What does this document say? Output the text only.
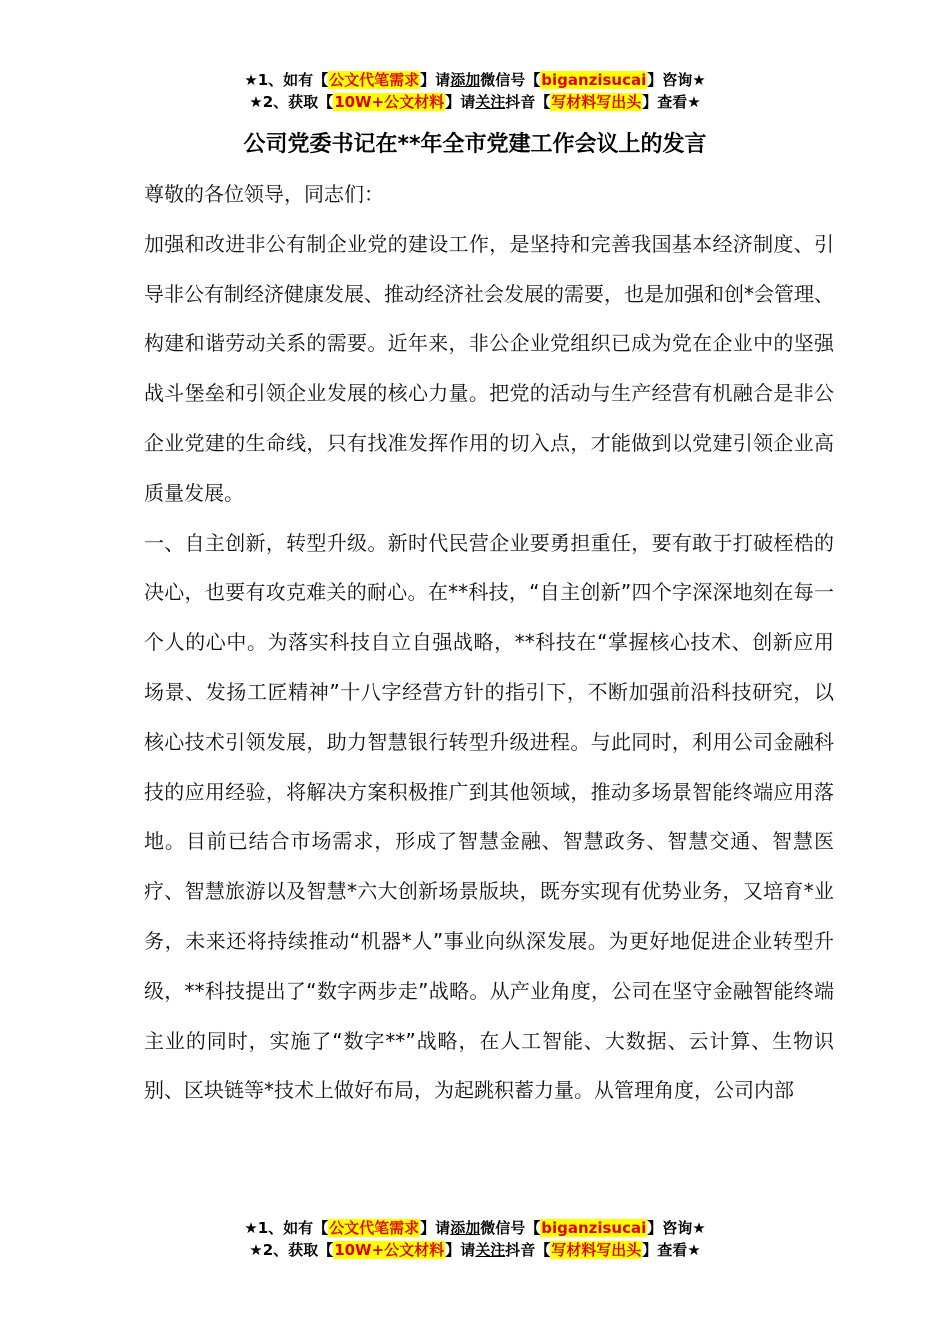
★1、如有【公文代笔需求】请添加微信号【biganzisucai】咨询★
★2、获取【10W+公文材料】请关注抖音【写材料写出头】查看★
公司党委书记在**年全市党建工作会议上的发言

尊敬的各位领导，同志们：

加强和改进非公有制企业党的建设工作，是坚持和完善我国基本经济制度、引导非公有制经济健康发展、推动经济社会发展的需要，也是加强和创*会管理、构建和谐劳动关系的需要。近年来，非公企业党组织已成为党在企业中的坚强战斗堡垒和引领企业发展的核心力量。把党的活动与生产经营有机融合是非公企业党建的生命线，只有找准发挥作用的切入点，才能做到以党建引领企业高质量发展。

一、自主创新，转型升级。新时代民营企业要勇担重任，要有敢于打破桎梏的决心，也要有攻克难关的耐心。在**科技，“自主创新”四个字深深地刻在每一个人的心中。为落实科技自立自强战略，**科技在“掌握核心技术、创新应用场景、发扬工匠精神”十八字经营方针的指引下，不断加强前沿科技研究，以核心技术引领发展，助力智慧银行转型升级进程。与此同时，利用公司金融科技的应用经验，将解决方案积极推广到其他领域，推动多场景智能终端应用落地。目前已结合市场需求，形成了智慧金融、智慧政务、智慧交通、智慧医疗、智慧旅游以及智慧*六大创新场景版块，既夯实现有优势业务，又培育*业务，未来还将持续推动“机器*人”事业向纵深发展。为更好地促进企业转型升级，**科技提出了“数字两步走”战略。从产业角度，公司在坚守金融智能终端主业的同时，实施了“数字**”战略，在人工智能、大数据、云计算、生物识别、区块链等*技术上做好布局，为起跳积蓄力量。从管理角度，公司内部

★1、如有【公文代笔需求】请添加微信号【biganzisucai】咨询★
★2、获取【10W+公文材料】请关注抖音【写材料写出头】查看★
